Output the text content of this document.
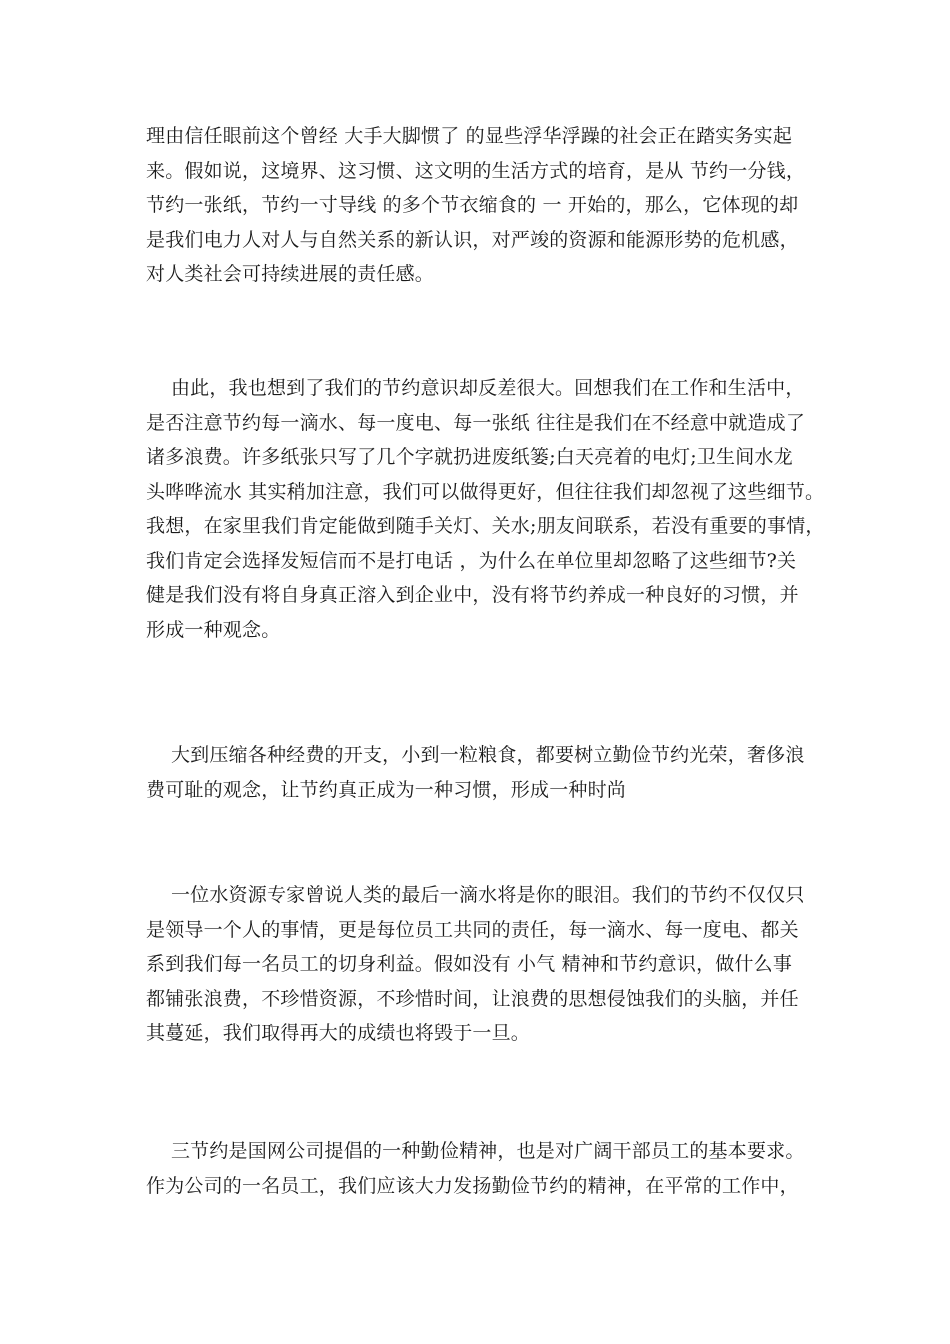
理由信任眼前这个曾经 大手大脚惯了 的显些浮华浮躁的社会正在踏实务实起
来。假如说，这境界、这习惯、这文明的生活方式的培育，是从 节约一分钱，
节约一张纸，节约一寸导线 的多个节衣缩食的 一 开始的，那么，它体现的却
是我们电力人对人与自然关系的新认识，对严竣的资源和能源形势的危机感，
对人类社会可持续进展的责任感。
由此，我也想到了我们的节约意识却反差很大。回想我们在工作和生活中，
是否注意节约每一滴水、每一度电、每一张纸 往往是我们在不经意中就造成了
诸多浪费。许多纸张只写了几个字就扔进废纸篓;白天亮着的电灯;卫生间水龙
头哗哗流水 其实稍加注意，我们可以做得更好，但往往我们却忽视了这些细节。
我想，在家里我们肯定能做到随手关灯、关水;朋友间联系，若没有重要的事情，
我们肯定会选择发短信而不是打电话 ，为什么在单位里却忽略了这些细节?关
健是我们没有将自身真正溶入到企业中，没有将节约养成一种良好的习惯，并
形成一种观念。
大到压缩各种经费的开支，小到一粒粮食，都要树立勤俭节约光荣，奢侈浪
费可耻的观念，让节约真正成为一种习惯，形成一种时尚
一位水资源专家曾说人类的最后一滴水将是你的眼泪。我们的节约不仅仅只
是领导一个人的事情，更是每位员工共同的责任，每一滴水、每一度电、都关
系到我们每一名员工的切身利益。假如没有 小气 精神和节约意识，做什么事
都铺张浪费，不珍惜资源，不珍惜时间，让浪费的思想侵蚀我们的头脑，并任
其蔓延，我们取得再大的成绩也将毁于一旦。
三节约是国网公司提倡的一种勤俭精神，也是对广阔干部员工的基本要求。
作为公司的一名员工，我们应该大力发扬勤俭节约的精神，在平常的工作中，
